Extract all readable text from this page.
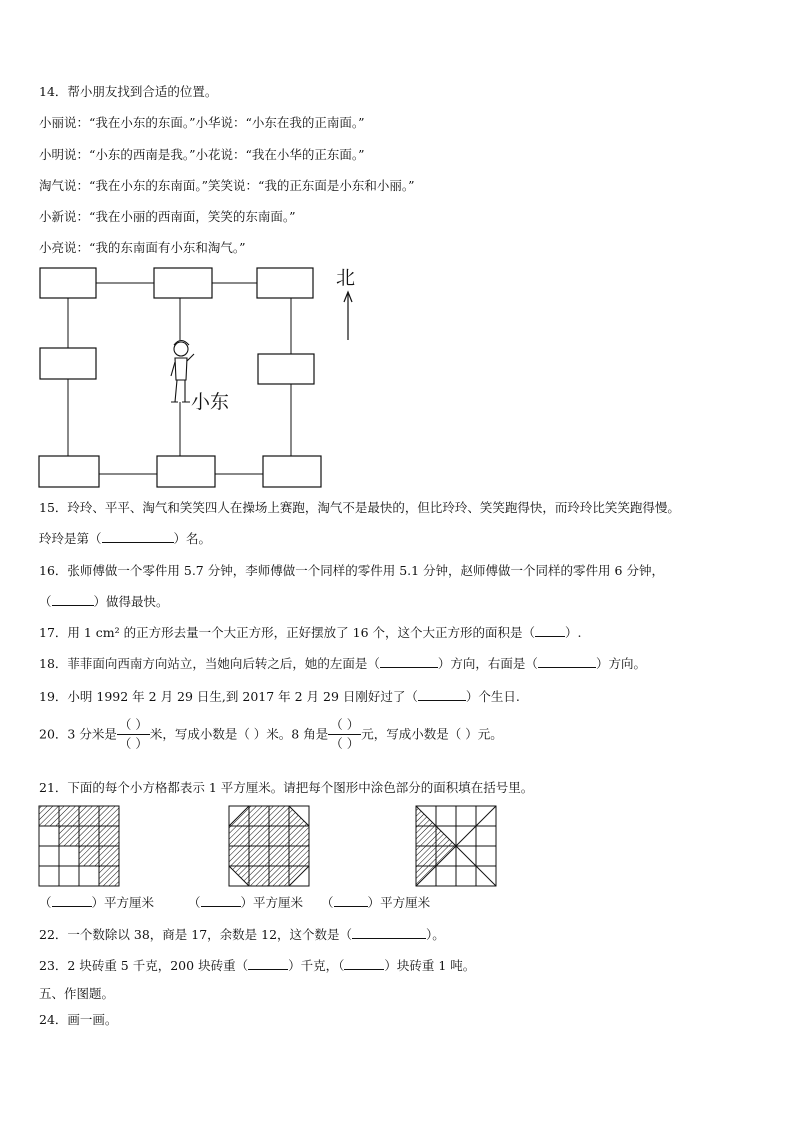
14．帮小朋友找到合适的位置。
小丽说：“我在小东的东面。”小华说：“小东在我的正南面。”
小明说：“小东的西南是我。”小花说：“我在小华的正东面。”
淘气说：“我在小东的东南面。”笑笑说：“我的正东面是小东和小丽。”
小新说：“我在小丽的西南面，笑笑的东南面。”
小亮说：“我的东南面有小东和淘气。”
北
小东
15．玲玲、平平、淘气和笑笑四人在操场上赛跑，淘气不是最快的，但比玲玲、笑笑跑得快，而玲玲比笑笑跑得慢。
玲玲是第（	）名。
16．张师傅做一个零件用 5.7 分钟，李师傅做一个同样的零件用 5.1 分钟，赵师傅做一个同样的零件用 6 分钟，
（	）做得最快。
17．用 1 cm² 的正方形去量一个大正方形，正好摆放了 16 个，这个大正方形的面积是（ ）.
18．菲菲面向西南方向站立，当她向后转之后，她的左面是（	）方向，右面是（	）方向。
19．小明 1992 年 2 月 29 日生,到 2017 年 2 月 29 日刚好过了（	）个生日.
20．3 分米是 $\frac{( )}{( )}$ 米，写成小数是（ ）米。8 角是 $\frac{( )}{( )}$ 元，写成小数是（ ）元。
21．下面的每个小方格都表示 1 平方厘米。请把每个图形中涂色部分的面积填在括号里。
（	）平方厘米	（	）平方厘米 （	）平方厘米
22．一个数除以 38，商是 17，余数是 12，这个数是（	）。
23．2 块砖重 5 千克，200 块砖重（	）千克，（	）块砖重 1 吨。
五、作图题。
24．画一画。
